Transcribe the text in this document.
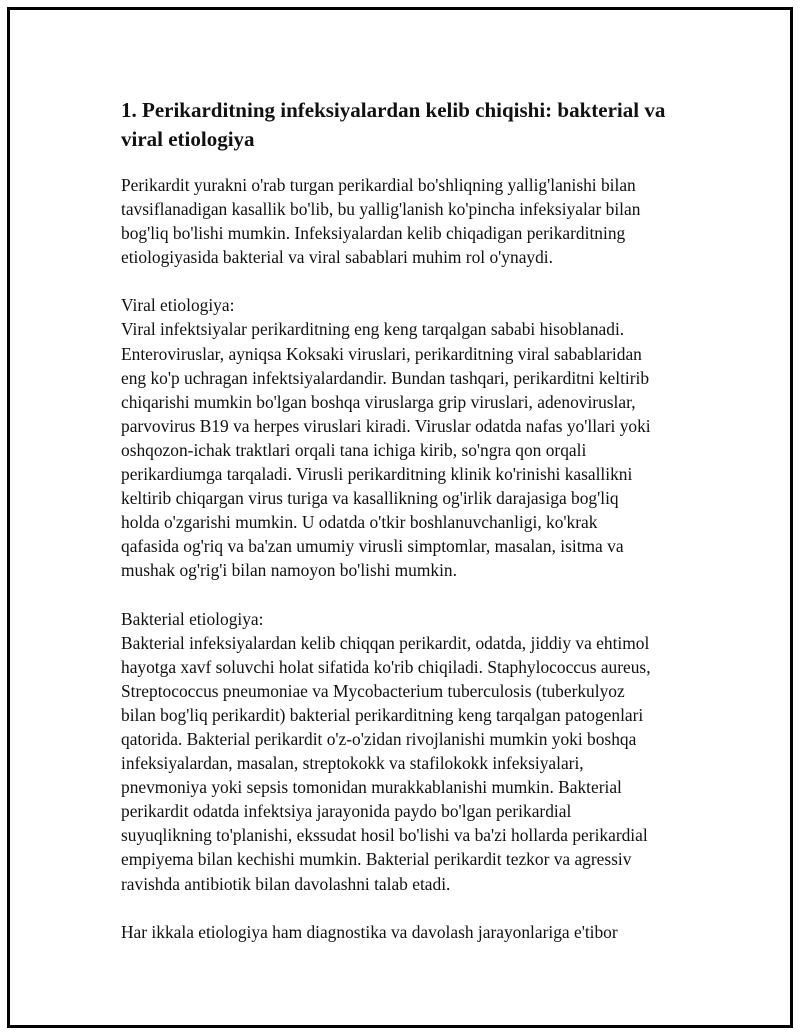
1. Perikarditning infeksiyalardan kelib chiqishi: bakterial va viral etiologiya

Perikardit yurakni o'rab turgan perikardial bo'shliqning yallig'lanishi bilan
tavsiflanadigan kasallik bo'lib, bu yallig'lanish ko'pincha infeksiyalar bilan
bog'liq bo'lishi mumkin. Infeksiyalardan kelib chiqadigan perikarditning
etiologiyasida bakterial va viral sabablari muhim rol o'ynaydi.

Viral etiologiya:

Viral infektsiyalar perikarditning eng keng tarqalgan sababi hisoblanadi.
Enteroviruslar, ayniqsa Koksaki viruslari, perikarditning viral sabablaridan
eng ko'p uchragan infektsiyalardandir. Bundan tashqari, perikarditni keltirib
chiqarishi mumkin bo'lgan boshqa viruslarga grip viruslari, adenoviruslar,
parvovirus B19 va herpes viruslari kiradi. Viruslar odatda nafas yo'llari yoki
oshqozon-ichak traktlari orqali tana ichiga kirib, so'ngra qon orqali
perikardiumga tarqaladi. Virusli perikarditning klinik ko'rinishi kasallikni
keltirib chiqargan virus turiga va kasallikning og'irlik darajasiga bog'liq
holda o'zgarishi mumkin. U odatda o'tkir boshlanuvchanligi, ko'krak
qafasida og'riq va ba'zan umumiy virusli simptomlar, masalan, isitma va
mushak og'rig'i bilan namoyon bo'lishi mumkin.

Bakterial etiologiya:

Bakterial infeksiyalardan kelib chiqqan perikardit, odatda, jiddiy va ehtimol
hayotga xavf soluvchi holat sifatida ko'rib chiqiladi. Staphylococcus aureus,
Streptococcus pneumoniae va Mycobacterium tuberculosis (tuberkulyoz
bilan bog'liq perikardit) bakterial perikarditning keng tarqalgan patogenlari
qatorida. Bakterial perikardit o'z-o'zidan rivojlanishi mumkin yoki boshqa
infeksiyalardan, masalan, streptokokk va stafilokokk infeksiyalari,
pnevmoniya yoki sepsis tomonidan murakkablanishi mumkin. Bakterial
perikardit odatda infektsiya jarayonida paydo bo'lgan perikardial
suyuqlikning to'planishi, ekssudat hosil bo'lishi va ba'zi hollarda perikardial
empiyema bilan kechishi mumkin. Bakterial perikardit tezkor va agressiv
ravishda antibiotik bilan davolashni talab etadi.

Har ikkala etiologiya ham diagnostika va davolash jarayonlariga e'tibor
